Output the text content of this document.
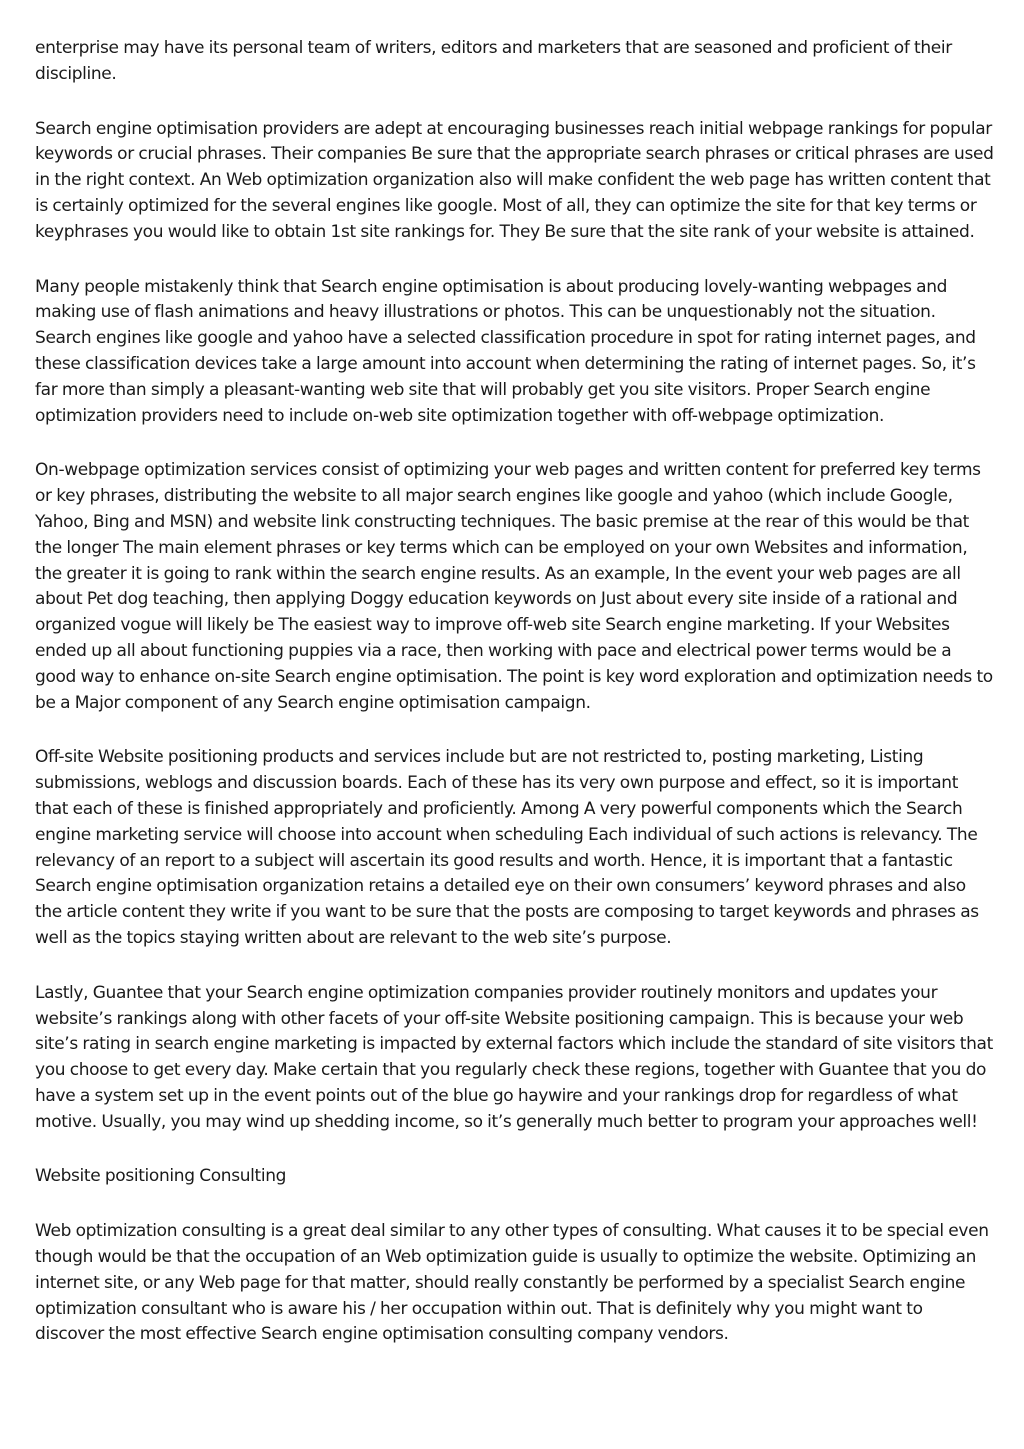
enterprise may have its personal team of writers, editors and marketers that are seasoned and proficient of their discipline.

Search engine optimisation providers are adept at encouraging businesses reach initial webpage rankings for popular keywords or crucial phrases. Their companies Be sure that the appropriate search phrases or critical phrases are used in the right context. An Web optimization organization also will make confident the web page has written content that is certainly optimized for the several engines like google. Most of all, they can optimize the site for that key terms or keyphrases you would like to obtain 1st site rankings for. They Be sure that the site rank of your website is attained.

Many people mistakenly think that Search engine optimisation is about producing lovely-wanting webpages and making use of flash animations and heavy illustrations or photos. This can be unquestionably not the situation. Search engines like google and yahoo have a selected classification procedure in spot for rating internet pages, and these classification devices take a large amount into account when determining the rating of internet pages. So, it’s far more than simply a pleasant-wanting web site that will probably get you site visitors. Proper Search engine optimization providers need to include on-web site optimization together with off-webpage optimization.

On-webpage optimization services consist of optimizing your web pages and written content for preferred key terms or key phrases, distributing the website to all major search engines like google and yahoo (which include Google, Yahoo, Bing and MSN) and website link constructing techniques. The basic premise at the rear of this would be that the longer The main element phrases or key terms which can be employed on your own Websites and information, the greater it is going to rank within the search engine results. As an example, In the event your web pages are all about Pet dog teaching, then applying Doggy education keywords on Just about every site inside of a rational and organized vogue will likely be The easiest way to improve off-web site Search engine marketing. If your Websites ended up all about functioning puppies via a race, then working with pace and electrical power terms would be a good way to enhance on-site Search engine optimisation. The point is key word exploration and optimization needs to be a Major component of any Search engine optimisation campaign.

Off-site Website positioning products and services include but are not restricted to, posting marketing, Listing submissions, weblogs and discussion boards. Each of these has its very own purpose and effect, so it is important that each of these is finished appropriately and proficiently. Among A very powerful components which the Search engine marketing service will choose into account when scheduling Each individual of such actions is relevancy. The relevancy of an report to a subject will ascertain its good results and worth. Hence, it is important that a fantastic Search engine optimisation organization retains a detailed eye on their own consumers’ keyword phrases and also the article content they write if you want to be sure that the posts are composing to target keywords and phrases as well as the topics staying written about are relevant to the web site’s purpose.

Lastly, Guantee that your Search engine optimization companies provider routinely monitors and updates your website’s rankings along with other facets of your off-site Website positioning campaign. This is because your web site’s rating in search engine marketing is impacted by external factors which include the standard of site visitors that you choose to get every day. Make certain that you regularly check these regions, together with Guantee that you do have a system set up in the event points out of the blue go haywire and your rankings drop for regardless of what motive. Usually, you may wind up shedding income, so it’s generally much better to program your approaches well!

Website positioning Consulting

Web optimization consulting is a great deal similar to any other types of consulting. What causes it to be special even though would be that the occupation of an Web optimization guide is usually to optimize the website. Optimizing an internet site, or any Web page for that matter, should really constantly be performed by a specialist Search engine optimization consultant who is aware his / her occupation within out. That is definitely why you might want to discover the most effective Search engine optimisation consulting company vendors.
